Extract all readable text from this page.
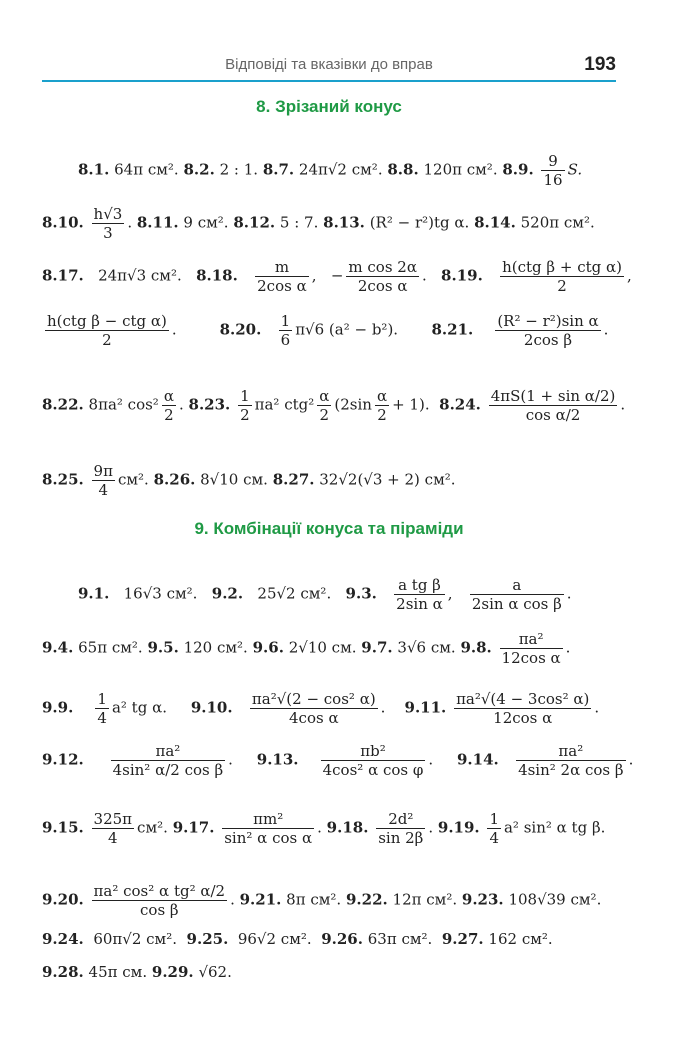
Відповіді та вказівки до вправ	193
8. Зрізаний конус
8.1. 64π см². 8.2. 2 : 1. 8.7. 24π√2 см². 8.8. 120π см². 8.9. $\frac{9}{16} S$.
8.10. $\frac{h√3}{3}$ . 8.11. 9 см². 8.12. 5 : 7. 8.13. (R² − r²)tg α. 8.14. 520π см².
8.17. 24π√3 см². 8.18. $\frac{m}{\text{2cos α}}$ , − $\frac{\text{m cos 2α}}{\text{2cos α}}$ .   8.19. $\frac{\text{h(ctg β + ctg α)}}{2}$ ,
$\frac{\text{h(ctg β − ctg α)}}{2}$ .         8.20. $\frac{1}{6} \pi√6$ (a² − b²). 8.21. $\frac{\text{(R² − r²)sin α}}{\text{2cos β}}$ .
8.22. 8πa² $\cos^2 \frac{\alpha}{2}$ . 8.23. $\frac{1}{2} \pi a^2$ $ctg^2 \frac{\alpha}{2} (2\sin \frac{\alpha}{2} + 1)$. 8.24. $\frac{\text{4πS(1 + sin α/2)}}{\text{cos α/2}}$ .
8.25. $\frac{9\pi}{4} см^2$. 8.26. 8√10 см. 8.27. 32√2(√3 + 2) см².
9. Комбінації конуса та піраміди
9.1. 16√3 см². 9.2. 25√2 см². 9.3. $\frac{\text{a tg β}}{\text{2sin α}}$ , $\frac{a}{\text{2sin α cos β}}$ .
9.4. 65π см². 9.5. 120 см². 9.6. 2√10 см. 9.7. 3√6 см. 9.8. $\frac{\text{πa²}}{\text{12cos α}}$ .
9.9. $\frac{1}{4} a^2$ tg α. 9.10. $\frac{\text{πa²√(2 − cos² α)}}{\text{4cos α}}$ .    9.11. $\frac{\text{πa²√(4 − 3cos² α)}}{\text{12cos α}}$ .
9.12. $\frac{\text{πa²}}{\text{4sin² α/2 cos β}}$ .     9.13. $\frac{\text{πb²}}{\text{4cos² α cos φ}}$ .     9.14. $\frac{\text{πa²}}{\text{4sin² 2α cos β}}$ .
9.15. $\frac{325\pi}{4} см^2$. 9.17. $\frac{\text{πm²}}{\text{sin² α cos α}}$ . 9.18. $\frac{\text{2d²}}{\sin 2\beta}$ . 9.19. $\frac{1}{4} a^2$ sin² α tg β.
9.20. $\frac{\text{πa² cos² α tg² α/2}}{\text{cos β}}$ . 9.21. 8π см². 9.22. 12π см². 9.23. 108√39 см².
9.24. 60π√2 см². 9.25. 96√2 см². 9.26. 63π см². 9.27. 162 см².
9.28. 45π см. 9.29. √62.
